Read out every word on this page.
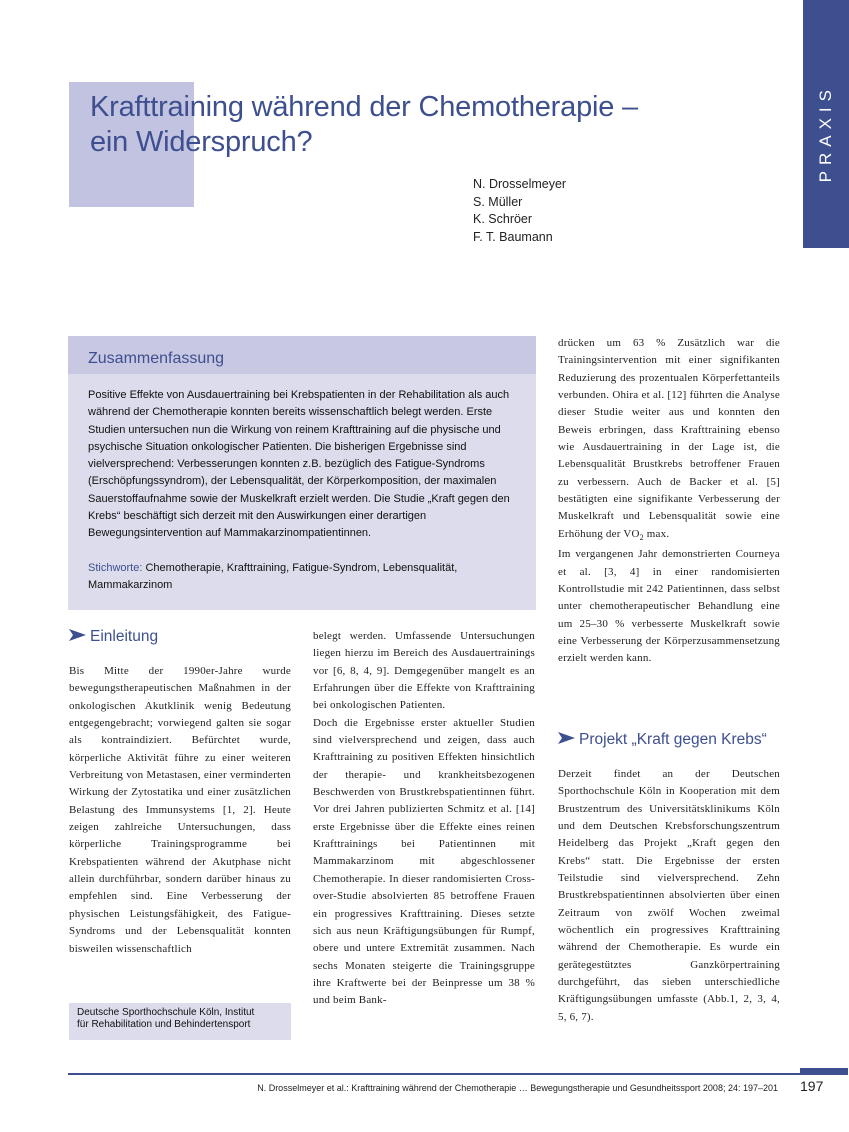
PRAXIS
Krafttraining während der Chemotherapie –
ein Widerspruch?
N. Drosselmeyer
S. Müller
K. Schröer
F. T. Baumann
Zusammenfassung
Positive Effekte von Ausdauertraining bei Krebspatienten in der Rehabilitation als auch während der Chemotherapie konnten bereits wissenschaftlich belegt werden. Erste Studien untersuchen nun die Wirkung von reinem Krafttraining auf die physische und psychische Situation onkologischer Patienten. Die bisherigen Ergebnisse sind vielversprechend: Verbesserungen konnten z.B. bezüglich des Fatigue-Syndroms (Erschöpfungssyndrom), der Lebensqualität, der Körperkomposition, der maximalen Sauerstoffaufnahme sowie der Muskelkraft erzielt werden. Die Studie „Kraft gegen den Krebs“ beschäftigt sich derzeit mit den Auswirkungen einer derartigen Bewegungsintervention auf Mammakarzinompatientinnen.
Stichworte: Chemotherapie, Krafttraining, Fatigue-Syndrom, Lebensqualität, Mammakarzinom
Einleitung

Bis Mitte der 1990er-Jahre wurde bewegungstherapeutischen Maßnahmen in der onkologischen Akutklinik wenig Bedeutung entgegengebracht; vorwiegend galten sie sogar als kontraindiziert. Befürchtet wurde, körperliche Aktivität führe zu einer weiteren Verbreitung von Metastasen, einer verminderten Wirkung der Zytostatika und einer zusätzlichen Belastung des Immunsystems [1, 2]. Heute zeigen zahlreiche Untersuchungen, dass körperliche Trainingsprogramme bei Krebspatienten während der Akutphase nicht allein durchführbar, sondern darüber hinaus zu empfehlen sind. Eine Verbesserung der physischen Leistungsfähigkeit, des Fatigue-Syndroms und der Lebensqualität konnten bisweilen wissenschaftlich

Deutsche Sporthochschule Köln, Institut
für Rehabilitation und Behindertensport

belegt werden. Umfassende Untersuchungen liegen hierzu im Bereich des Ausdauertrainings vor [6, 8, 4, 9]. Demgegenüber mangelt es an Erfahrungen über die Effekte von Krafttraining bei onkologischen Patienten.

Doch die Ergebnisse erster aktueller Studien sind vielversprechend und zeigen, dass auch Krafttraining zu positiven Effekten hinsichtlich der therapie- und krankheitsbezogenen Beschwerden von Brustkrebspatientinnen führt. Vor drei Jahren publizierten Schmitz et al. [14] erste Ergebnisse über die Effekte eines reinen Krafttrainings bei Patientinnen mit Mammakarzinom mit abgeschlossener Chemotherapie. In dieser randomisierten Cross-over-Studie absolvierten 85 betroffene Frauen ein progressives Krafttraining. Dieses setzte sich aus neun Kräftigungsübungen für Rumpf, obere und untere Extremität zusammen. Nach sechs Monaten steigerte die Trainingsgruppe ihre Kraftwerte bei der Beinpresse um 38 % und beim Bank-

drücken um 63 % Zusätzlich war die Trainingsintervention mit einer signifikanten Reduzierung des prozentualen Körperfettanteils verbunden. Ohira et al. [12] führten die Analyse dieser Studie weiter aus und konnten den Beweis erbringen, dass Krafttraining ebenso wie Ausdauertraining in der Lage ist, die Lebensqualität Brustkrebs betroffener Frauen zu verbessern. Auch de Backer et al. [5] bestätigten eine signifikante Verbesserung der Muskelkraft und Lebensqualität sowie eine Erhöhung der $VO_2$ max.

Im vergangenen Jahr demonstrierten Courneya et al. [3, 4] in einer randomisierten Kontrollstudie mit 242 Patientinnen, dass selbst unter chemotherapeutischer Behandlung eine um 25–30 % verbesserte Muskelkraft sowie eine Verbesserung der Körperzusammensetzung erzielt werden kann.

Projekt „Kraft gegen Krebs“

Derzeit findet an der Deutschen Sporthochschule Köln in Kooperation mit dem Brustzentrum des Universitätsklinikums Köln und dem Deutschen Krebsforschungszentrum Heidelberg das Projekt „Kraft gegen den Krebs“ statt. Die Ergebnisse der ersten Teilstudie sind vielversprechend. Zehn Brustkrebspatientinnen absolvierten über einen Zeitraum von zwölf Wochen zweimal wöchentlich ein progressives Krafttraining während der Chemotherapie. Es wurde ein gerätegestütztes Ganzkörpertraining durchgeführt, das sieben unterschiedliche Kräftigungsübungen umfasste (Abb.1, 2, 3, 4, 5, 6, 7).

N. Drosselmeyer et al.: Krafttraining während der Chemotherapie … Bewegungstherapie und Gesundheitssport 2008; 24: 197–201 197
